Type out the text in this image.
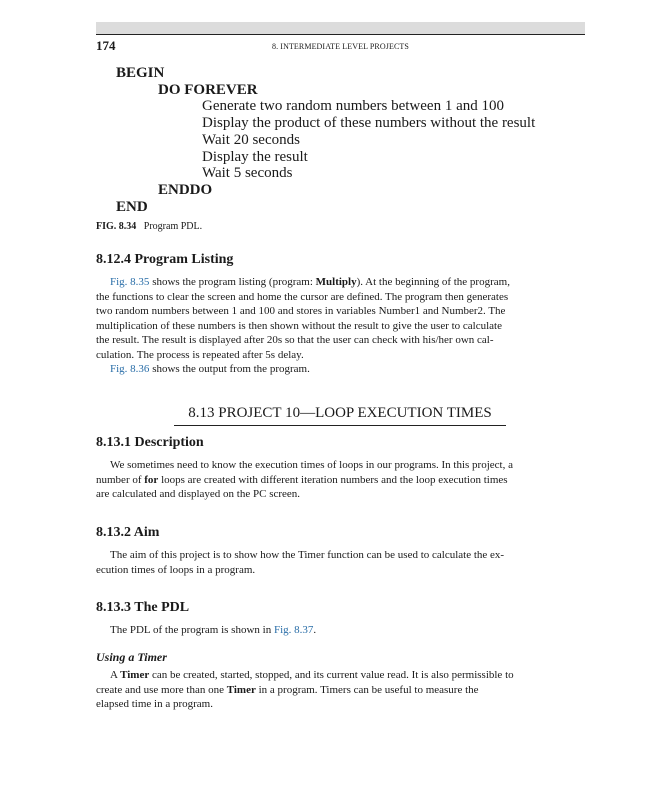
174	8. INTERMEDIATE LEVEL PROJECTS
BEGIN
DO FOREVER
Generate two random numbers between 1 and 100
Display the product of these numbers without the result
Wait 20 seconds
Display the result
Wait 5 seconds
ENDDO
END
FIG. 8.34 Program PDL.
8.12.4 Program Listing
Fig. 8.35 shows the program listing (program: Multiply). At the beginning of the program,
the functions to clear the screen and home the cursor are defined. The program then generates
two random numbers between 1 and 100 and stores in variables Number1 and Number2. The
multiplication of these numbers is then shown without the result to give the user to calculate
the result. The result is displayed after 20s so that the user can check with his/her own cal-
culation. The process is repeated after 5s delay.
Fig. 8.36 shows the output from the program.
8.13 PROJECT 10—LOOP EXECUTION TIMES
8.13.1 Description
We sometimes need to know the execution times of loops in our programs. In this project, a
number of for loops are created with different iteration numbers and the loop execution times
are calculated and displayed on the PC screen.
8.13.2 Aim
The aim of this project is to show how the Timer function can be used to calculate the ex-
ecution times of loops in a program.
8.13.3 The PDL
The PDL of the program is shown in Fig. 8.37.
Using a Timer
A Timer can be created, started, stopped, and its current value read. It is also permissible to
create and use more than one Timer in a program. Timers can be useful to measure the
elapsed time in a program.
